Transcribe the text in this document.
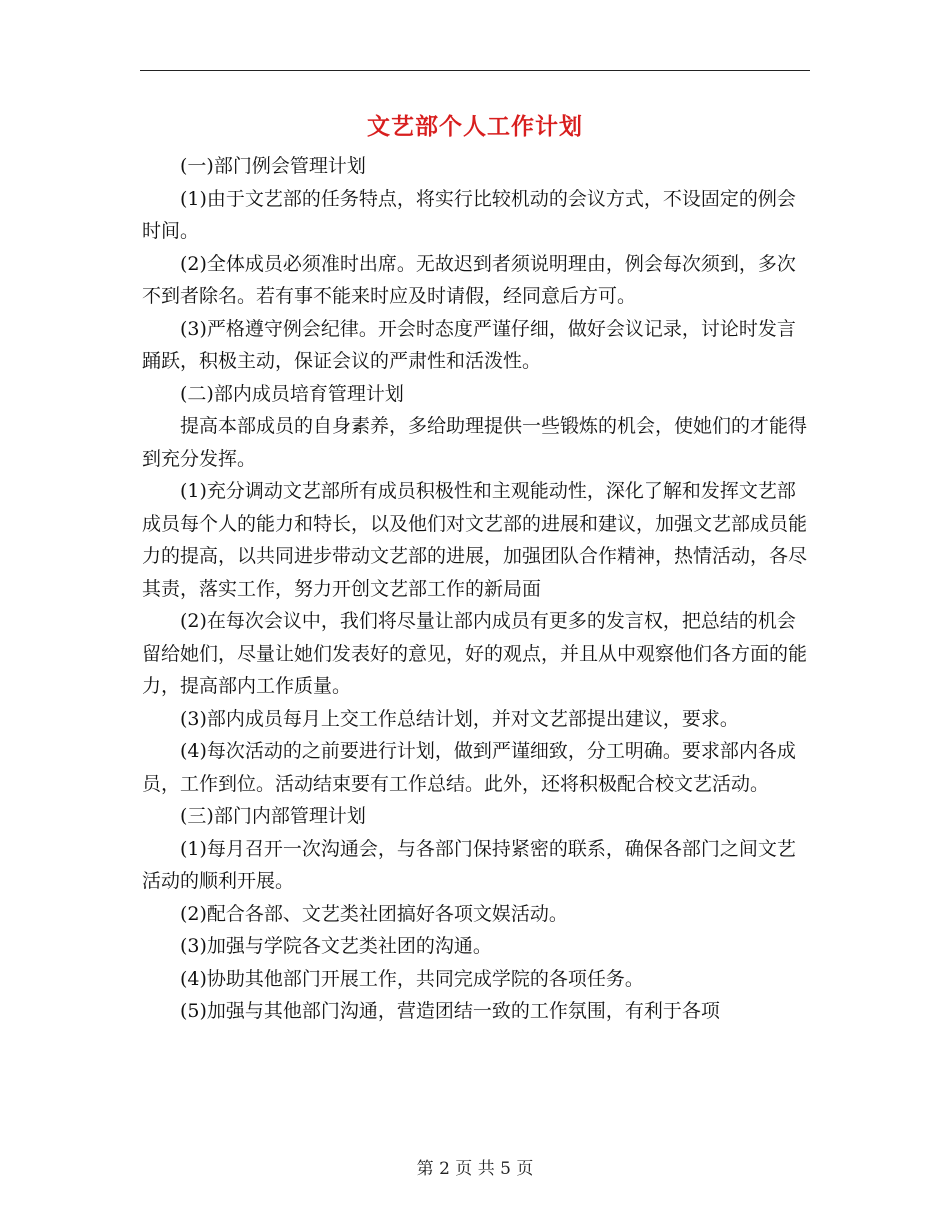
文艺部个人工作计划

　　(一)部门例会管理计划

　　(1)由于文艺部的任务特点，将实行比较机动的会议方式，不设固定的例会时间。

　　(2)全体成员必须准时出席。无故迟到者须说明理由，例会每次须到，多次不到者除名。若有事不能来时应及时请假，经同意后方可。

　　(3)严格遵守例会纪律。开会时态度严谨仔细，做好会议记录，讨论时发言踊跃，积极主动，保证会议的严肃性和活泼性。

　　(二)部内成员培育管理计划

　　提高本部成员的自身素养，多给助理提供一些锻炼的机会，使她们的才能得到充分发挥。

　　(1)充分调动文艺部所有成员积极性和主观能动性，深化了解和发挥文艺部成员每个人的能力和特长，以及他们对文艺部的进展和建议，加强文艺部成员能力的提高，以共同进步带动文艺部的进展，加强团队合作精神，热情活动，各尽其责，落实工作，努力开创文艺部工作的新局面

　　(2)在每次会议中，我们将尽量让部内成员有更多的发言权，把总结的机会留给她们，尽量让她们发表好的意见，好的观点，并且从中观察他们各方面的能力，提高部内工作质量。

　　(3)部内成员每月上交工作总结计划，并对文艺部提出建议，要求。

　　(4)每次活动的之前要进行计划，做到严谨细致，分工明确。要求部内各成员，工作到位。活动结束要有工作总结。此外，还将积极配合校文艺活动。

　　(三)部门内部管理计划

　　(1)每月召开一次沟通会，与各部门保持紧密的联系，确保各部门之间文艺活动的顺利开展。

　　(2)配合各部、文艺类社团搞好各项文娱活动。

　　(3)加强与学院各文艺类社团的沟通。

　　(4)协助其他部门开展工作，共同完成学院的各项任务。

　　(5)加强与其他部门沟通，营造团结一致的工作氛围，有利于各项

第 2 页 共 5 页
